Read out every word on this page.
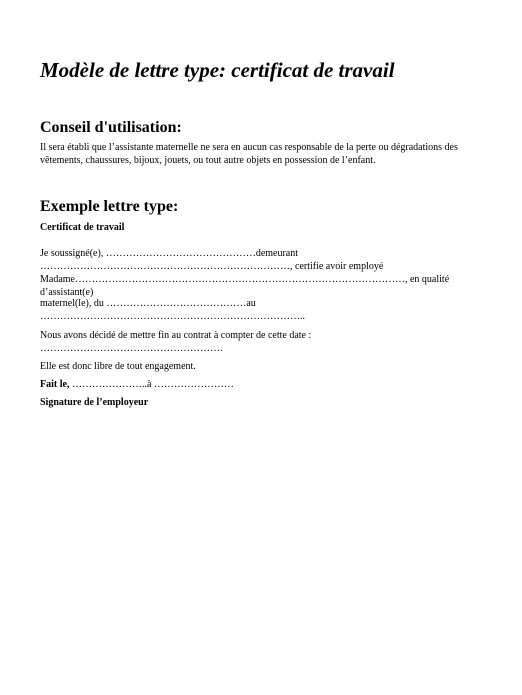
Modèle de lettre type: certificat de travail
Conseil d'utilisation:
Il sera établi que l’assistante maternelle ne sera en aucun cas responsable de la perte ou dégradations des vêtements, chaussures, bijoux, jouets, ou tout autre objets en possession de l’enfant.
Exemple lettre type:
Certificat de travail
Je soussigné(e), ………………………………………demeurant
…………………………………………………………………, certifie avoir employé
Madame………………………………………………………………………………………, en qualité
d’assistant(e)
maternel(le), du ……………………………………au
……………………………………………………………………..
Nous avons décidé de mettre fin au contrat à compter de cette date :
……………………………………………….
Elle est donc libre de tout engagement.
Fait le, …………………..à ……………………
Signature de l’employeur
